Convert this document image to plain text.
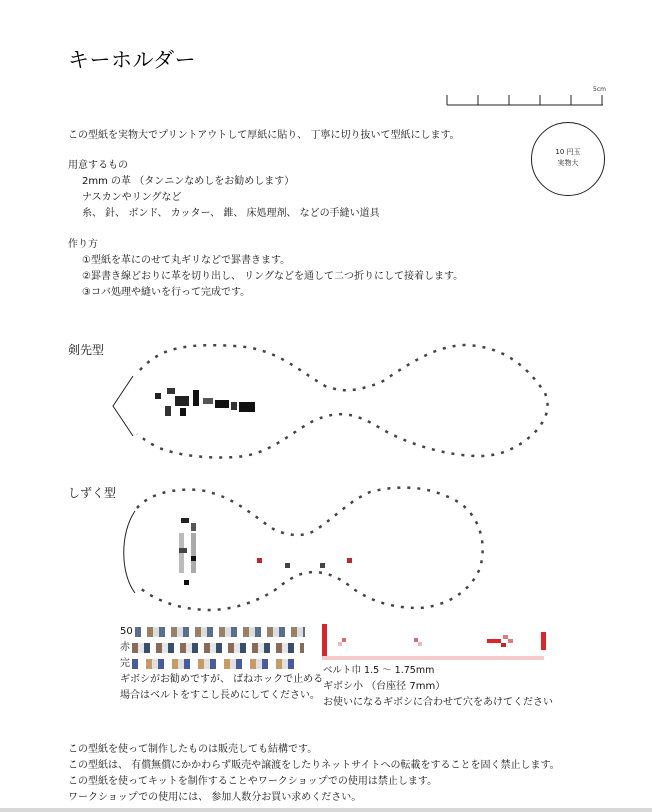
キーホルダー
5cm
10 円玉
実物大
この型紙を実物大でプリントアウトして厚紙に貼り、 丁寧に切り抜いて型紙にします。
用意するもの
2mm の革 （タンニンなめしをお勧めします）
ナスカンやリングなど
糸、 針、 ボンド、 カッター、 錐、 床処理剤、 などの手縫い道具
作り方
①型紙を革にのせて丸ギリなどで罫書きます。
②罫書き線どおりに革を切り出し、 リングなどを通して二つ折りにして接着します。
③コバ処理や縫いを行って完成です。
剣先型
しずく型
50
赤
完
ギボシがお勧めですが、 ばねホックで止める
場合はベルトをすこし長めにしてください。
ベルト巾 1.5 ～ 1.75mm
ギボシ小 （台座径 7mm）
お使いになるギボシに合わせて穴をあけてください
この型紙を使って制作したものは販売しても結構です。
この型紙は、 有償無償にかかわらず販売や譲渡をしたりネットサイトへの転載をすることを固く禁止します。
この型紙を使ってキットを制作することやワークショップでの使用は禁止します。
ワークショップでの使用には、 参加人数分お買い求めください。
